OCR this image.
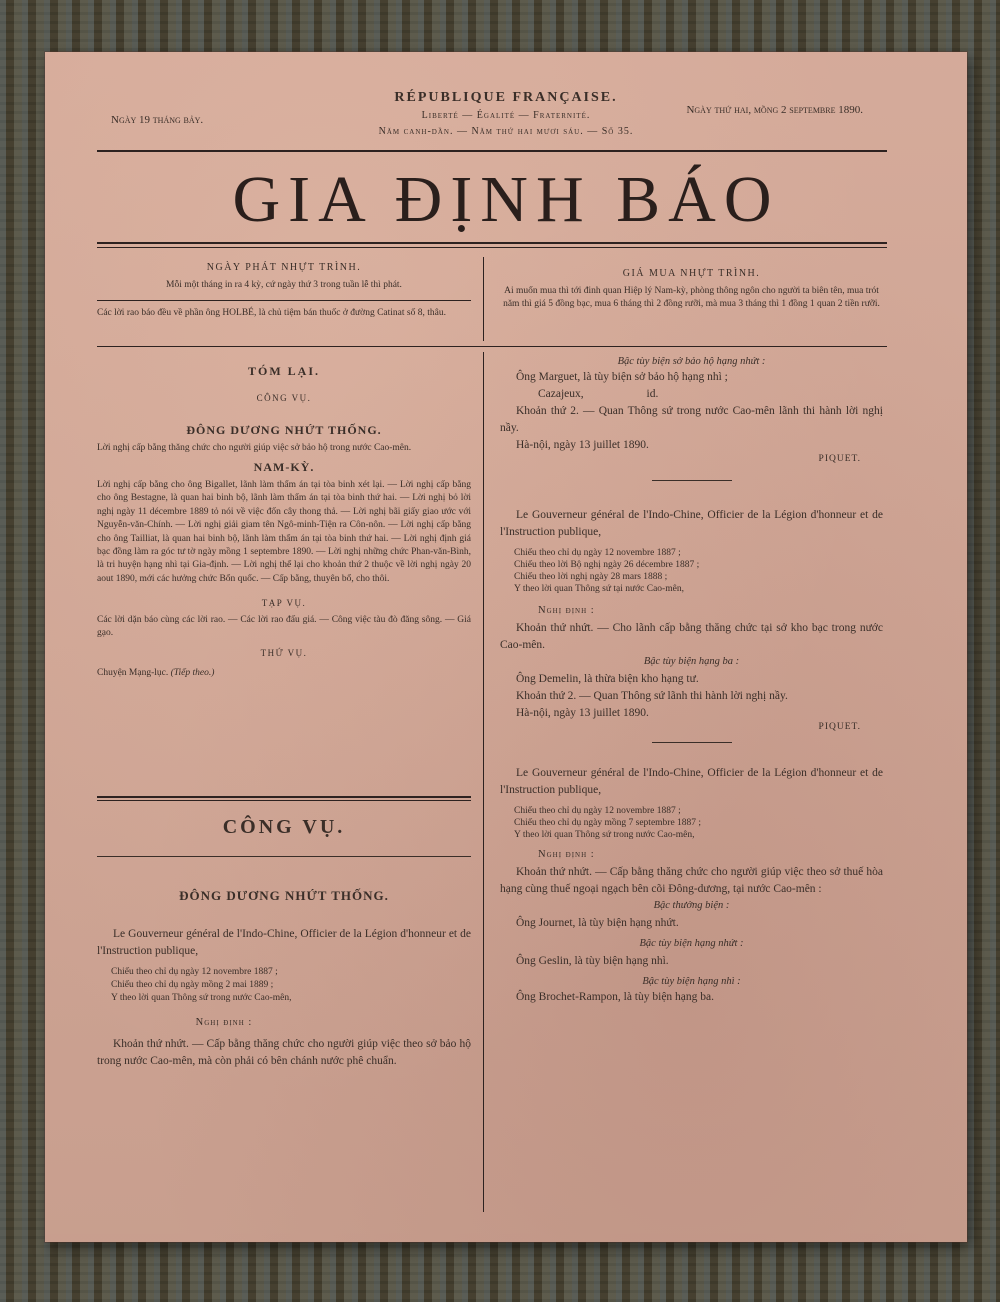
RÉPUBLIQUE FRANÇAISE.
Liberté — Égalité — Fraternité.
Năm canh-dần. — Năm thứ hai mươi sáu. — Số 35.
Ngày 19 tháng bảy.
Ngày thứ hai, mồng 2 septembre 1890.
GIA ĐỊNH BÁO
NGÀY PHÁT NHỰT TRÌNH.
Mỗi một tháng in ra 4 kỳ, cứ ngày thứ 3 trong tuần lễ thì phát.
Các lời rao báo đều về phần ông HOLBÉ, là chủ tiệm bán thuốc ở đường Catinat số 8, thâu.
GIÁ MUA NHỰT TRÌNH.
Ai muốn mua thì tới đinh quan Hiệp lý Nam-kỳ, phòng thông ngôn cho người ta biên tên, mua trót năm thì giá 5 đồng bạc, mua 6 tháng thì 2 đồng rưỡi, mà mua 3 tháng thì 1 đồng 1 quan 2 tiền rưỡi.
TÓM LẠI.
CÔNG VỤ.
ĐÔNG DƯƠNG NHỨT THỐNG.
Lời nghị cấp bằng thăng chức cho người giúp việc sở bảo hộ trong nước Cao-mên.
NAM-KỲ.
Lời nghị cấp bằng cho ông Bigallet, lãnh làm thẩm án tại tòa binh xét lại. — Lời nghị cấp bằng cho ông Bestagne, là quan hai binh bộ, lãnh làm thẩm án tại tòa binh thứ hai. — Lời nghị bỏ lời nghị ngày 11 décembre 1889 tỏ nói về việc đốn cây thong thả. — Lời nghị bãi giấy giao ước với Nguyễn-văn-Chính. — Lời nghị giải giam tên Ngô-minh-Tiện ra Côn-nôn. — Lời nghị cấp bằng cho ông Tailliat, là quan hai binh bộ, lãnh làm thẩm án tại tòa binh thứ hai. — Lời nghị định giá bạc đồng làm ra góc tư tờ ngày mồng 1 septembre 1890. — Lời nghị những chức Phan-văn-Bình, là tri huyện hạng nhì tại Gia-định. — Lời nghị thể lại cho khoản thứ 2 thuộc về lời nghị ngày 20 aout 1890, mới các hưởng chức Bổn quốc. — Cấp bằng, thuyên bổ, cho thôi.
TẠP VỤ.
Các lời dặn báo cùng các lời rao. — Các lời rao đấu giá. — Công việc tàu đò đăng sông. — Giá gạo.
THỨ VỤ.
Chuyện Mạng-lục. (Tiếp theo.)
CÔNG VỤ.
ĐÔNG DƯƠNG NHỨT THỐNG.
Le Gouverneur général de l'Indo-Chine, Officier de la Légion d'honneur et de l'Instruction publique,
Chiếu theo chỉ dụ ngày 12 novembre 1887 ;
Chiếu theo chỉ dụ ngày mồng 2 mai 1889 ;
Y theo lời quan Thông sứ trong nước Cao-mên,
Nghị định :
Khoản thứ nhứt. — Cấp bằng thăng chức cho người giúp việc theo sở bảo hộ trong nước Cao-mên, mà còn phải có bên chánh nước phê chuẩn.
Bậc tùy biện sở bảo hộ hạng nhứt :
Ông Marguet, là tùy biện sở bảo hộ hạng nhì ;
Cazajeux,	id.
Khoản thứ 2. — Quan Thông sứ trong nước Cao-mên lãnh thi hành lời nghị nầy.
Hà-nội, ngày 13 juillet 1890.
PIQUET.
Le Gouverneur général de l'Indo-Chine, Officier de la Légion d'honneur et de l'Instruction publique,
Chiếu theo chỉ dụ ngày 12 novembre 1887 ;
Chiếu theo lời Bộ nghị ngày 26 décembre 1887 ;
Chiếu theo lời nghị ngày 28 mars 1888 ;
Y theo lời quan Thông sứ tại nước Cao-mên,
Nghị định :
Khoản thứ nhứt. — Cho lãnh cấp bằng thăng chức tại sở kho bạc trong nước Cao-mên.
Bậc tùy biện hạng ba :
Ông Demelin, là thừa biện kho hạng tư.
Khoản thứ 2. — Quan Thông sứ lãnh thi hành lời nghị nầy.
Hà-nội, ngày 13 juillet 1890.
PIQUET.
Le Gouverneur général de l'Indo-Chine, Officier de la Légion d'honneur et de l'Instruction publique,
Chiếu theo chỉ dụ ngày 12 novembre 1887 ;
Chiếu theo chỉ dụ ngày mồng 7 septembre 1887 ;
Y theo lời quan Thông sứ trong nước Cao-mên,
Nghị định :
Khoản thứ nhứt. — Cấp bằng thăng chức cho người giúp việc theo sở thuế hòa hạng cùng thuế ngoại ngạch bên cõi Đông-dương, tại nước Cao-mên :
Bậc thưởng biện :
Ông Journet, là tùy biện hạng nhứt.
Bậc tùy biện hạng nhứt :
Ông Geslin, là tùy biện hạng nhì.
Bậc tùy biện hạng nhì :
Ông Brochet-Rampon, là tùy biện hạng ba.
